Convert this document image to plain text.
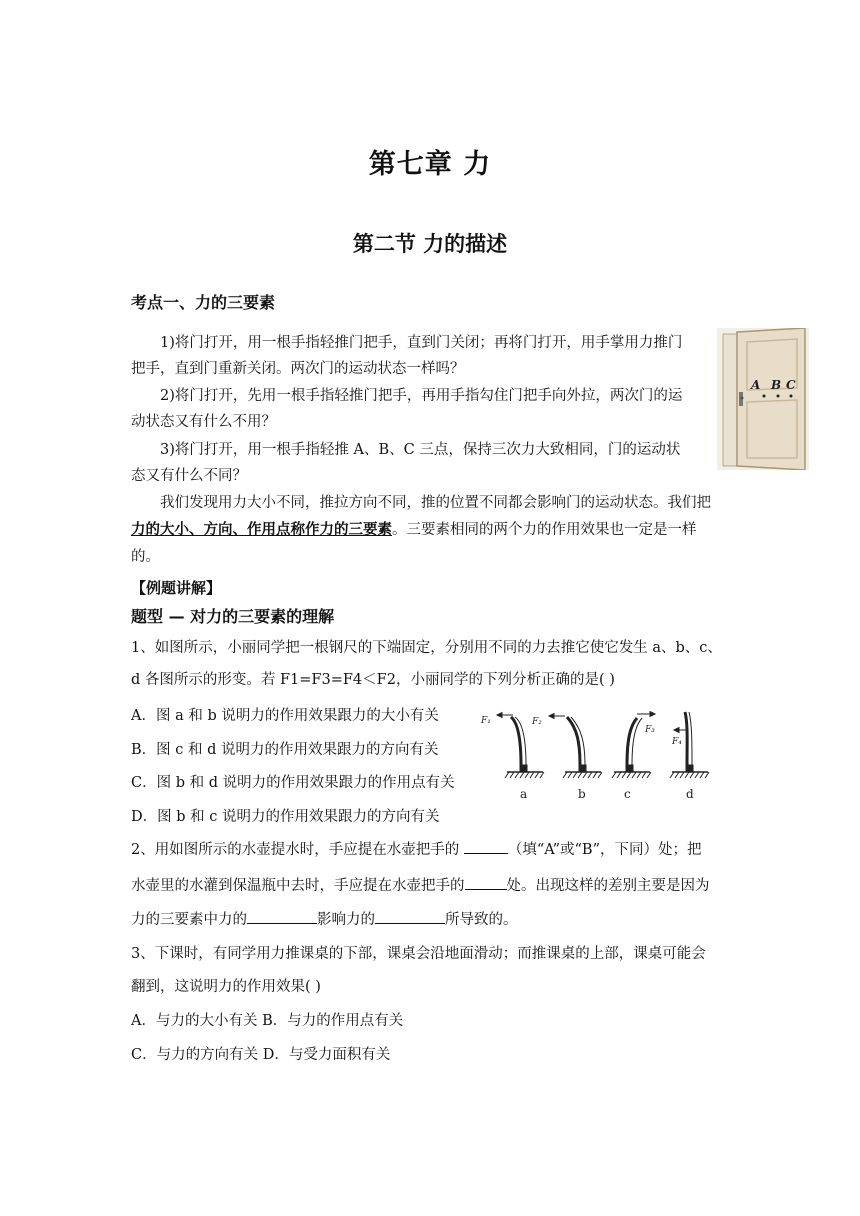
第七章 力
第二节 力的描述
考点一、力的三要素
1)将门打开，用一根手指轻推门把手，直到门关闭；再将门打开，用手掌用力推门
把手，直到门重新关闭。两次门的运动状态一样吗？
2)将门打开，先用一根手指轻推门把手，再用手指勾住门把手向外拉，两次门的运
动状态又有什么不用？
3)将门打开，用一根手指轻推 A、B、C 三点，保持三次力大致相同，门的运动状
态又有什么不同？
我们发现用力大小不同，推拉方向不同，推的位置不同都会影响门的运动状态。我们把
力的大小、方向、作用点称作力的三要素。三要素相同的两个力的作用效果也一定是一样
的。
A B C
【例题讲解】
题型 — 对力的三要素的理解
1、如图所示，小丽同学把一根钢尺的下端固定，分别用不同的力去推它使它发生 a、b、c、
d 各图所示的形变。若 F1=F3=F4＜F2，小丽同学的下列分析正确的是( )
A．图 a 和 b 说明力的作用效果跟力的大小有关
B．图 c 和 d 说明力的作用效果跟力的方向有关
C．图 b 和 d 说明力的作用效果跟力的作用点有关
D．图 b 和 c 说明力的作用效果跟力的方向有关
F₁	F₂
F₃
F₄
a	b	c	d
2、用如图所示的水壶提水时，手应提在水壶把手的	（填“A”或“B”，下同）处；把
水壶里的水灌到保温瓶中去时，手应提在水壶把手的	处。出现这样的差别主要是因为
力的三要素中力的	影响力的	所导致的。
3、下课时，有同学用力推课桌的下部，课桌会沿地面滑动；而推课桌的上部，课桌可能会
翻到，这说明力的作用效果( )
A．与力的大小有关 B．与力的作用点有关
C．与力的方向有关 D．与受力面积有关
